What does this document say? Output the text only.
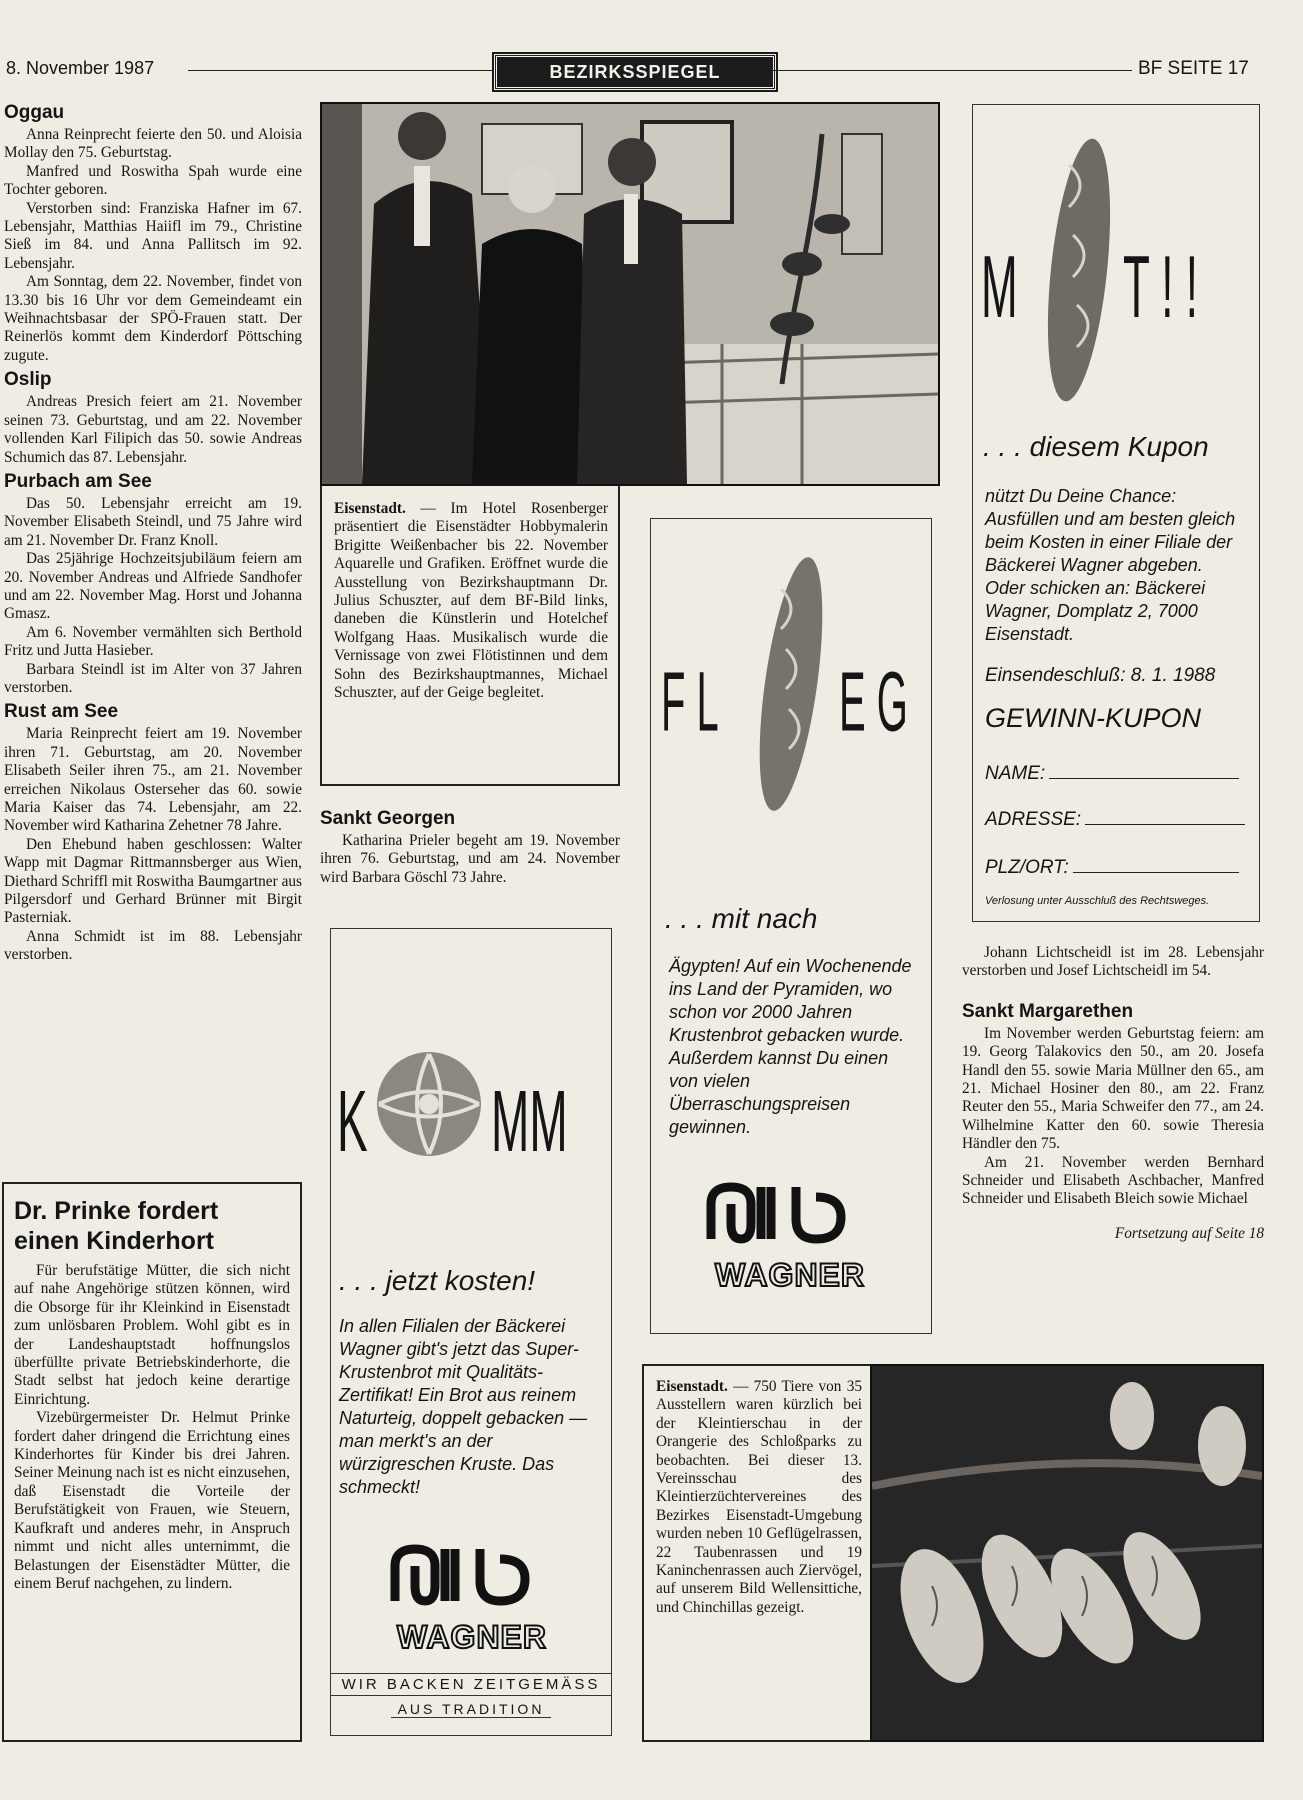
8. November 1987	BEZIRKSSPIEGEL	BF SEITE 17
Oggau

Anna Reinprecht feierte den 50. und Aloisia Mollay den 75. Geburtstag.

Manfred und Roswitha Spah wurde eine Tochter geboren.

Verstorben sind: Franziska Hafner im 67. Lebensjahr, Matthias Haiifl im 79., Christine Sieß im 84. und Anna Pallitsch im 92. Lebensjahr.

Am Sonntag, dem 22. November, findet von 13.30 bis 16 Uhr vor dem Gemeindeamt ein Weihnachtsbasar der SPÖ-Frauen statt. Der Reinerlös kommt dem Kinderdorf Pöttsching zugute.

Oslip

Andreas Presich feiert am 21. November seinen 73. Geburtstag, und am 22. November vollenden Karl Filipich das 50. sowie Andreas Schumich das 87. Lebensjahr.

Purbach am See

Das 50. Lebensjahr erreicht am 19. November Elisabeth Steindl, und 75 Jahre wird am 21. November Dr. Franz Knoll.

Das 25jährige Hochzeitsjubiläum feiern am 20. November Andreas und Alfriede Sandhofer und am 22. November Mag. Horst und Johanna Gmasz.

Am 6. November vermählten sich Berthold Fritz und Jutta Hasieber.

Barbara Steindl ist im Alter von 37 Jahren verstorben.

Rust am See

Maria Reinprecht feiert am 19. November ihren 71. Geburtstag, am 20. November Elisabeth Seiler ihren 75., am 21. November erreichen Nikolaus Osterseher das 60. sowie Maria Kaiser das 74. Lebensjahr, am 22. November wird Katharina Zehetner 78 Jahre.

Den Ehebund haben geschlossen: Walter Wapp mit Dagmar Rittmannsberger aus Wien, Diethard Schriffl mit Roswitha Baumgartner aus Pilgersdorf und Gerhard Brünner mit Birgit Pasterniak.

Anna Schmidt ist im 88. Lebensjahr verstorben.

Dr. Prinke fordert einen Kinderhort

Für berufstätige Mütter, die sich nicht auf nahe Angehörige stützen können, wird die Obsorge für ihr Kleinkind in Eisenstadt zum unlösbaren Problem. Wohl gibt es in der Landeshauptstadt hoffnungslos überfüllte private Betriebskinderhorte, die Stadt selbst hat jedoch keine derartige Einrichtung.

Vizebürgermeister Dr. Helmut Prinke fordert daher dringend die Errichtung eines Kinderhortes für Kinder bis drei Jahren. Seiner Meinung nach ist es nicht einzusehen, daß Eisenstadt die Vorteile der Berufstätigkeit von Frauen, wie Steuern, Kaufkraft und anderes mehr, in Anspruch nimmt und nicht alles unternimmt, die Belastungen der Eisenstädter Mütter, die einem Beruf nachgehen, zu lindern.

Eisenstadt. — Im Hotel Rosenberger präsentiert die Eisenstädter Hobbymalerin Brigitte Weißenbacher bis 22. November Aquarelle und Grafiken. Eröffnet wurde die Ausstellung von Bezirkshauptmann Dr. Julius Schuszter, auf dem BF-Bild links, daneben die Künstlerin und Hotelchef Wolfgang Haas. Musikalisch wurde die Vernissage von zwei Flötistinnen und dem Sohn des Bezirkshauptmannes, Michael Schuszter, auf der Geige begleitet.
Sankt Georgen

Katharina Prieler begeht am 19. November ihren 76. Geburtstag, und am 24. November wird Barbara Göschl 73 Jahre.

K	MM
. . . jetzt kosten!
In allen Filialen der Bäckerei Wagner gibt's jetzt das Super-Krustenbrot mit Qualitäts-Zertifikat! Ein Brot aus reinem Naturteig, doppelt gebacken — man merkt's an der würzigreschen Kruste. Das schmeckt!
WAGNER
WIR BACKEN ZEITGEMÄSS
AUS TRADITION
F L	E G
. . . mit nach
Ägypten! Auf ein Wochenende ins Land der Pyramiden, wo schon vor 2000 Jahren Krustenbrot gebacken wurde. Außerdem kannst Du einen von vielen Überraschungspreisen gewinnen.
WAGNER
M T ! !
. . . diesem Kupon
nützt Du Deine Chance: Ausfüllen und am besten gleich beim Kosten in einer Filiale der Bäckerei Wagner abgeben. Oder schicken an: Bäckerei Wagner, Domplatz 2, 7000 Eisenstadt.
Einsendeschluß: 8. 1. 1988
GEWINN-KUPON
NAME:
ADRESSE:
PLZ/ORT:
Verlosung unter Ausschluß des Rechtsweges.

Johann Lichtscheidl ist im 28. Lebensjahr verstorben und Josef Lichtscheidl im 54.

Sankt Margarethen

Im November werden Geburtstag feiern: am 19. Georg Talakovics den 50., am 20. Josefa Handl den 55. sowie Maria Müllner den 65., am 21. Michael Hosiner den 80., am 22. Franz Reuter den 55., Maria Schweifer den 77., am 24. Wilhelmine Katter den 60. sowie Theresia Händler den 75.

Am 21. November werden Bernhard Schneider und Elisabeth Aschbacher, Manfred Schneider und Elisabeth Bleich sowie Michael

Fortsetzung auf Seite 18
Eisenstadt. — 750 Tiere von 35 Ausstellern waren kürzlich bei der Kleintierschau in der Orangerie des Schloßparks zu beobachten. Bei dieser 13. Vereinsschau des Kleintierzüchtervereines des Bezirkes Eisenstadt-Umgebung wurden neben 10 Geflügelrassen, 22 Taubenrassen und 19 Kaninchenrassen auch Ziervögel, auf unserem Bild Wellensittiche, und Chinchillas gezeigt.
